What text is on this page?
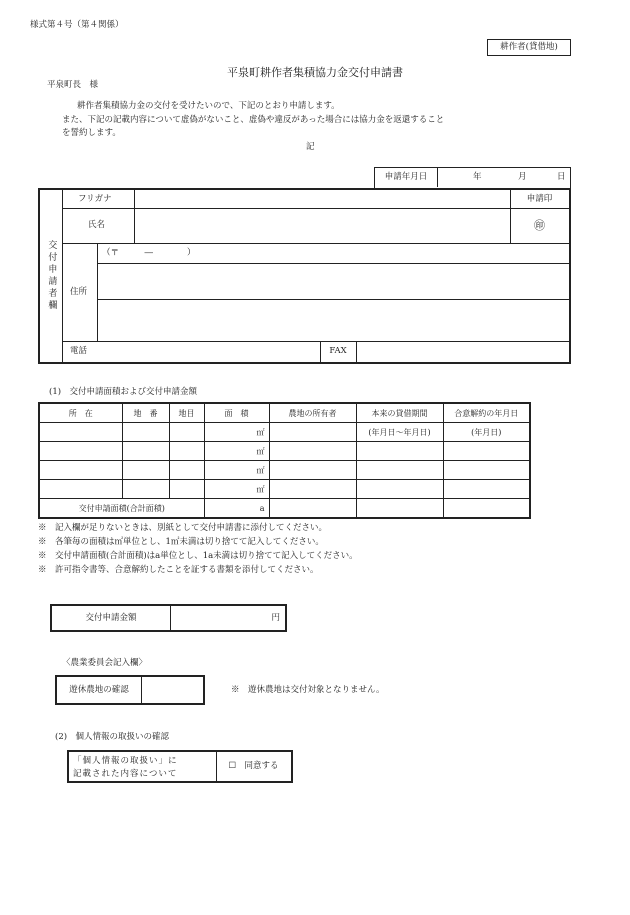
様式第４号（第４関係）
耕作者(貸借地)
平泉町耕作者集積協力金交付申請書
平泉町長　様
耕作者集積協力金の交付を受けたいので、下記のとおり申請します。
また、下記の記載内容について虚偽がないこと、虚偽や違反があった場合には協力金を返還すること
を誓約します。
記
申請年月日	年	月	日
交付申請者欄
フリガナ	申請印
氏名	㊞
住所
（〒　　　―　　　　）
電話	FAX
(1)　交付申請面積および交付申請金額
所　在	地　番	地目	面　積	農地の所有者	本来の貸借期間	合意解約の年月日
			㎡		(年月日～年月日)	(年月日)
			㎡			
			㎡			
			㎡			
交付申請面積(合計面積)			a			
※　記入欄が足りないときは、別紙として交付申請書に添付してください。
※　各筆毎の面積は㎡単位とし、1㎡未満は切り捨てて記入してください。
※　交付申請面積(合計面積)はa単位とし、1a未満は切り捨てて記入してください。
※　許可指令書等、合意解約したことを証する書類を添付してください。
交付申請金額	円
〈農業委員会記入欄〉
遊休農地の確認	※　遊休農地は交付対象となりません。
(2)　個人情報の取扱いの確認
「個人情報の取扱い」に
記載された内容について
☐　同意する
